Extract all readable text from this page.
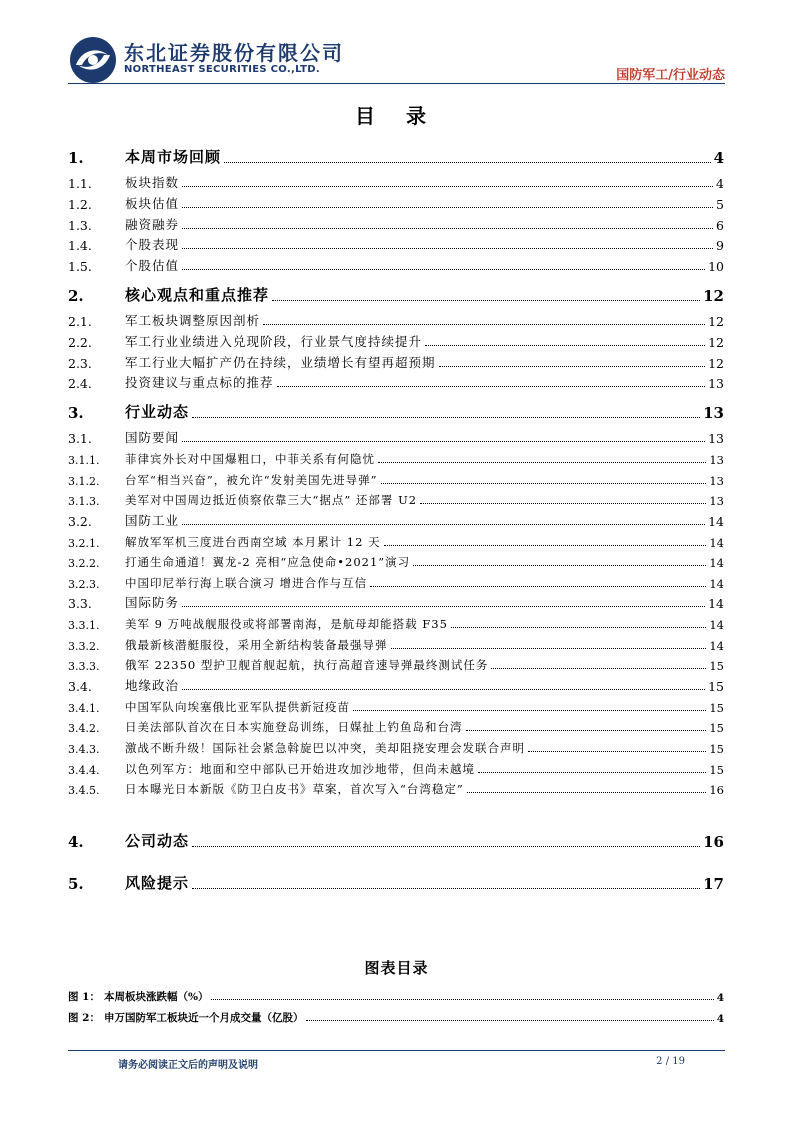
东北证券股份有限公司
NORTHEAST SECURITIES CO.,LTD.	国防军工/行业动态
目 录
1.	本周市场回顾	4
1.1.	板块指数	4
1.2.	板块估值	5
1.3.	融资融券	6
1.4.	个股表现	9
1.5.	个股估值	10
2.	核心观点和重点推荐	12
2.1.	军工板块调整原因剖析	12
2.2.	军工行业业绩进入兑现阶段，行业景气度持续提升	12
2.3.	军工行业大幅扩产仍在持续，业绩增长有望再超预期	12
2.4.	投资建议与重点标的推荐	13
3.	行业动态	13
3.1.	国防要闻	13
3.1.1.	菲律宾外长对中国爆粗口，中菲关系有何隐忧	13
3.1.2.	台军“相当兴奋”，被允许“发射美国先进导弹”	13
3.1.3.	美军对中国周边抵近侦察依靠三大“据点” 还部署 U2	13
3.2.	国防工业	14
3.2.1.	解放军军机三度进台西南空域 本月累计 12 天	14
3.2.2.	打通生命通道！翼龙-2 亮相“应急使命•2021”演习	14
3.2.3.	中国印尼举行海上联合演习 增进合作与互信	14
3.3.	国际防务	14
3.3.1.	美军 9 万吨战舰服役或将部署南海，是航母却能搭载 F35	14
3.3.2.	俄最新核潜艇服役，采用全新结构装备最强导弹	14
3.3.3.	俄军 22350 型护卫舰首舰起航，执行高超音速导弹最终测试任务	15
3.4.	地缘政治	15
3.4.1.	中国军队向埃塞俄比亚军队提供新冠疫苗	15
3.4.2.	日美法部队首次在日本实施登岛训练，日媒扯上钓鱼岛和台湾	15
3.4.3.	激战不断升级！国际社会紧急斡旋巴以冲突，美却阻挠安理会发联合声明	15
3.4.4.	以色列军方：地面和空中部队已开始进攻加沙地带，但尚未越境	15
3.4.5.	日本曝光日本新版《防卫白皮书》草案，首次写入“台湾稳定”	16
4.	公司动态	16
5.	风险提示	17
图表目录
图 1： 本周板块涨跌幅（%）	4
图 2： 申万国防军工板块近一个月成交量（亿股）	4
请务必阅读正文后的声明及说明	2 / 19
